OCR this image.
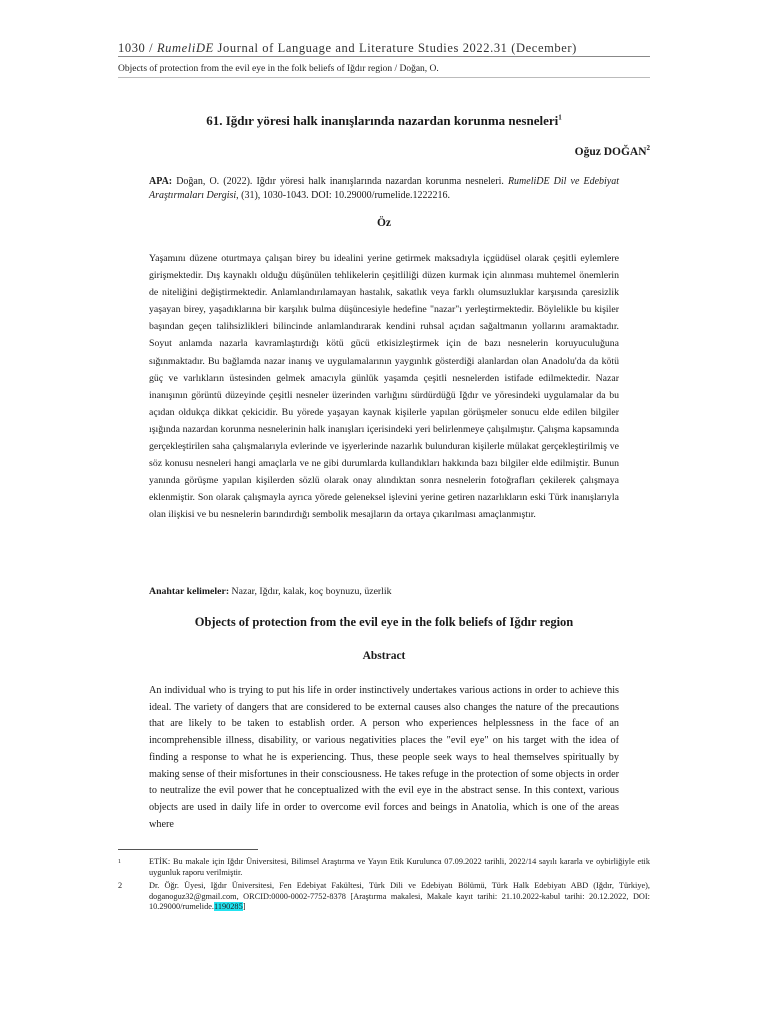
1030 / RumeliDE Journal of Language and Literature Studies 2022.31 (December)
Objects of protection from the evil eye in the folk beliefs of Iğdır region / Doğan, O.
61. Iğdır yöresi halk inanışlarında nazardan korunma nesneleri$^1$
Oğuz DOĞAN$^2$
APA: Doğan, O. (2022). Iğdır yöresi halk inanışlarında nazardan korunma nesneleri. RumeliDE Dil ve Edebiyat Araştırmaları Dergisi, (31), 1030-1043. DOI: 10.29000/rumelide.1222216.
Öz
Yaşamını düzene oturtmaya çalışan birey bu idealini yerine getirmek maksadıyla içgüdüsel olarak çeşitli eylemlere girişmektedir. Dış kaynaklı olduğu düşünülen tehlikelerin çeşitliliği düzen kurmak için alınması muhtemel önemlerin de niteliğini değiştirmektedir. Anlamlandırılamayan hastalık, sakatlık veya farklı olumsuzluklar karşısında çaresizlik yaşayan birey, yaşadıklarına bir karşılık bulma düşüncesiyle hedefine "nazar"ı yerleştirmektedir. Böylelikle bu kişiler başından geçen talihsizlikleri bilincinde anlamlandırarak kendini ruhsal açıdan sağaltmanın yollarını aramaktadır. Soyut anlamda nazarla kavramlaştırdığı kötü gücü etkisizleştirmek için de bazı nesnelerin koruyuculuğuna sığınmaktadır. Bu bağlamda nazar inanış ve uygulamalarının yaygınlık gösterdiği alanlardan olan Anadolu'da da kötü güç ve varlıkların üstesinden gelmek amacıyla günlük yaşamda çeşitli nesnelerden istifade edilmektedir. Nazar inanışının görüntü düzeyinde çeşitli nesneler üzerinden varlığını sürdürdüğü Iğdır ve yöresindeki uygulamalar da bu açıdan oldukça dikkat çekicidir. Bu yörede yaşayan kaynak kişilerle yapılan görüşmeler sonucu elde edilen bilgiler ışığında nazardan korunma nesnelerinin halk inanışları içerisindeki yeri belirlenmeye çalışılmıştır. Çalışma kapsamında gerçekleştirilen saha çalışmalarıyla evlerinde ve işyerlerinde nazarlık bulunduran kişilerle mülakat gerçekleştirilmiş ve söz konusu nesneleri hangi amaçlarla ve ne gibi durumlarda kullandıkları hakkında bazı bilgiler elde edilmiştir. Bunun yanında görüşme yapılan kişilerden sözlü olarak onay alındıktan sonra nesnelerin fotoğrafları çekilerek çalışmaya eklenmiştir. Son olarak çalışmayla ayrıca yörede geleneksel işlevini yerine getiren nazarlıkların eski Türk inanışlarıyla olan ilişkisi ve bu nesnelerin barındırdığı sembolik mesajların da ortaya çıkarılması amaçlanmıştır.
Anahtar kelimeler: Nazar, Iğdır, kalak, koç boynuzu, üzerlik
Objects of protection from the evil eye in the folk beliefs of Iğdır region
Abstract
An individual who is trying to put his life in order instinctively undertakes various actions in order to achieve this ideal. The variety of dangers that are considered to be external causes also changes the nature of the precautions that are likely to be taken to establish order. A person who experiences helplessness in the face of an incomprehensible illness, disability, or various negativities places the "evil eye" on his target with the idea of finding a response to what he is experiencing. Thus, these people seek ways to heal themselves spiritually by making sense of their misfortunes in their consciousness. He takes refuge in the protection of some objects in order to neutralize the evil power that he conceptualized with the evil eye in the abstract sense. In this context, various objects are used in daily life in order to overcome evil forces and beings in Anatolia, which is one of the areas where
1	ETİK: Bu makale için Iğdır Üniversitesi, Bilimsel Araştırma ve Yayın Etik Kurulunca 07.09.2022 tarihli, 2022/14 sayılı kararla ve oybirliğiyle etik uygunluk raporu verilmiştir.
2	Dr. Öğr. Üyesi, Iğdır Üniversitesi, Fen Edebiyat Fakültesi, Türk Dili ve Edebiyatı Bölümü, Türk Halk Edebiyatı ABD (Iğdır, Türkiye), doganoguz32@gmail.com, ORCID:0000-0002-7752-8378 [Araştırma makalesi, Makale kayıt tarihi: 21.10.2022-kabul tarihi: 20.12.2022, DOI: 10.29000/rumelide.1190285]
